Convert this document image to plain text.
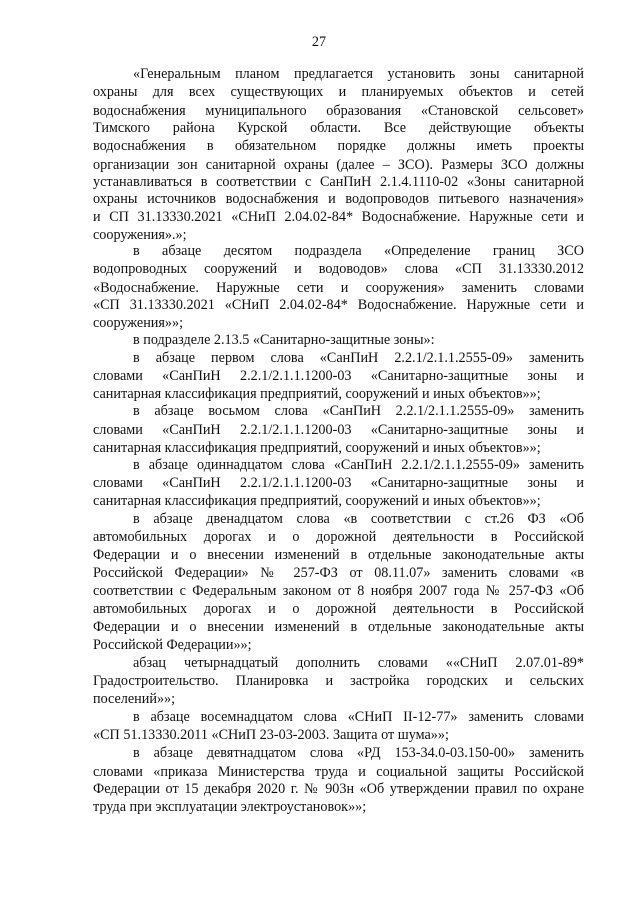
27
«Генеральным планом предлагается установить зоны санитарной
охраны для всех существующих и планируемых объектов и сетей
водоснабжения муниципального образования «Становской сельсовет»
Тимского района Курской области. Все действующие объекты
водоснабжения в обязательном порядке должны иметь проекты
организации зон санитарной охраны (далее – ЗСО). Размеры ЗСО должны
устанавливаться в соответствии с СанПиН 2.1.4.1110-02 «Зоны санитарной
охраны источников водоснабжения и водопроводов питьевого назначения»
и СП 31.13330.2021 «СНиП 2.04.02-84* Водоснабжение. Наружные сети и
сооружения».»;
в абзаце десятом подраздела «Определение границ ЗСО
водопроводных сооружений и водоводов» слова «СП 31.13330.2012
«Водоснабжение. Наружные сети и сооружения» заменить словами
«СП 31.13330.2021 «СНиП 2.04.02-84* Водоснабжение. Наружные сети и
сооружения»»;
в подразделе 2.13.5 «Санитарно-защитные зоны»:
в абзаце первом слова «СанПиН 2.2.1/2.1.1.2555-09» заменить
словами «СанПиН 2.2.1/2.1.1.1200-03 «Санитарно-защитные зоны и
санитарная классификация предприятий, сооружений и иных объектов»»;
в абзаце восьмом слова «СанПиН 2.2.1/2.1.1.2555-09» заменить
словами «СанПиН 2.2.1/2.1.1.1200-03 «Санитарно-защитные зоны и
санитарная классификация предприятий, сооружений и иных объектов»»;
в абзаце одиннадцатом слова «СанПиН 2.2.1/2.1.1.2555-09» заменить
словами «СанПиН 2.2.1/2.1.1.1200-03 «Санитарно-защитные зоны и
санитарная классификация предприятий, сооружений и иных объектов»»;
в абзаце двенадцатом слова «в соответствии с ст.26 ФЗ «Об
автомобильных дорогах и о дорожной деятельности в Российской
Федерации и о внесении изменений в отдельные законодательные акты
Российской Федерации» № 257-ФЗ от 08.11.07» заменить словами «в
соответствии с Федеральным законом от 8 ноября 2007 года № 257-ФЗ «Об
автомобильных дорогах и о дорожной деятельности в Российской
Федерации и о внесении изменений в отдельные законодательные акты
Российской Федерации»»;
абзац четырнадцатый дополнить словами ««СНиП 2.07.01-89*
Градостроительство. Планировка и застройка городских и сельских
поселений»»;
в абзаце восемнадцатом слова «СНиП II-12-77» заменить словами
«СП 51.13330.2011 «СНиП 23-03-2003. Защита от шума»»;
в абзаце девятнадцатом слова «РД 153-34.0-03.150-00» заменить
словами «приказа Министерства труда и социальной защиты Российской
Федерации от 15 декабря 2020 г. № 903н «Об утверждении правил по охране
труда при эксплуатации электроустановок»»;
